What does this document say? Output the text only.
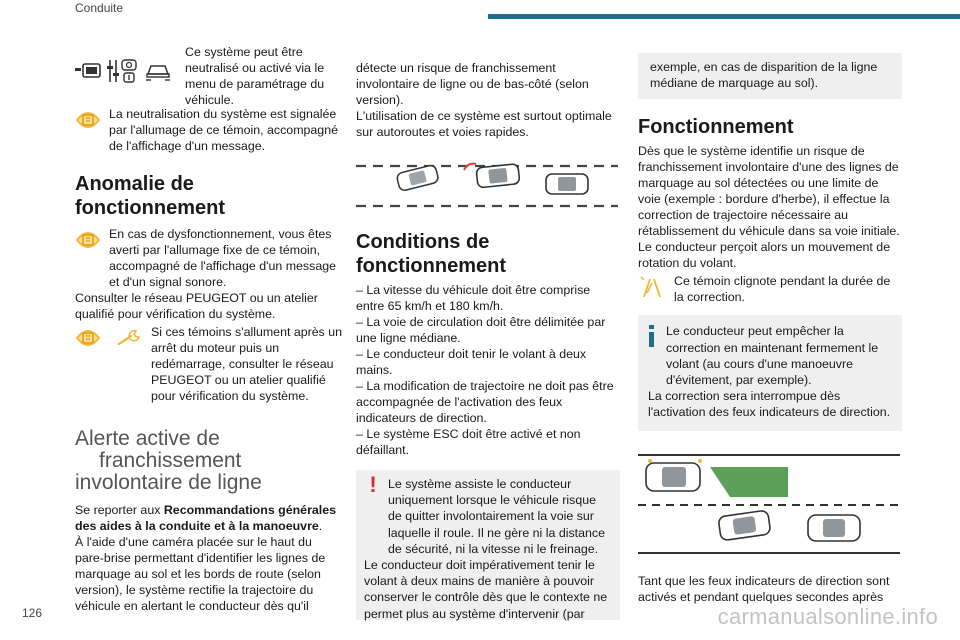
Conduite

Ce système peut être neutralisé ou activé via le menu de paramétrage du véhicule.

La neutralisation du système est signalée par l'allumage de ce témoin, accompagné de l'affichage d'un message.

Anomalie de
fonctionnement

En cas de dysfonctionnement, vous êtes averti par l'allumage fixe de ce témoin, accompagné de l'affichage d'un message et d'un signal sonore.

Consulter le réseau PEUGEOT ou un atelier qualifié pour vérification du système.

Si ces témoins s'allument après un arrêt du moteur puis un redémarrage, consulter le réseau PEUGEOT ou un atelier qualifié pour vérification du système.

Alerte active de
franchissement
involontaire de ligne

Se reporter aux Recommandations générales des aides à la conduite et à la manoeuvre.

À l'aide d'une caméra placée sur le haut du pare-brise permettant d'identifier les lignes de marquage au sol et les bords de route (selon version), le système rectifie la trajectoire du véhicule en alertant le conducteur dès qu'il

détecte un risque de franchissement involontaire de ligne ou de bas-côté (selon version).

L'utilisation de ce système est surtout optimale sur autoroutes et voies rapides.

Conditions de
fonctionnement

– La vitesse du véhicule doit être comprise entre 65 km/h et 180 km/h.

– La voie de circulation doit être délimitée par une ligne médiane.

– Le conducteur doit tenir le volant à deux mains.

– La modification de trajectoire ne doit pas être accompagnée de l'activation des feux indicateurs de direction.

– Le système ESC doit être activé et non défaillant.

! Le système assiste le conducteur uniquement lorsque le véhicule risque de quitter involontairement la voie sur laquelle il roule. Il ne gère ni la distance de sécurité, ni la vitesse ni le freinage.

Le conducteur doit impérativement tenir le volant à deux mains de manière à pouvoir conserver le contrôle dès que le contexte ne permet plus au système d'intervenir (par

exemple, en cas de disparition de la ligne médiane de marquage au sol).

Fonctionnement

Dès que le système identifie un risque de franchissement involontaire d'une des lignes de marquage au sol détectées ou une limite de voie (exemple : bordure d'herbe), il effectue la correction de trajectoire nécessaire au rétablissement du véhicule dans sa voie initiale. Le conducteur perçoit alors un mouvement de rotation du volant.

Ce témoin clignote pendant la durée de la correction.

Le conducteur peut empêcher la correction en maintenant fermement le volant (au cours d'une manoeuvre d'évitement, par exemple).

La correction sera interrompue dès l'activation des feux indicateurs de direction.

Tant que les feux indicateurs de direction sont activés et pendant quelques secondes après

126	carmanualsonline.info
